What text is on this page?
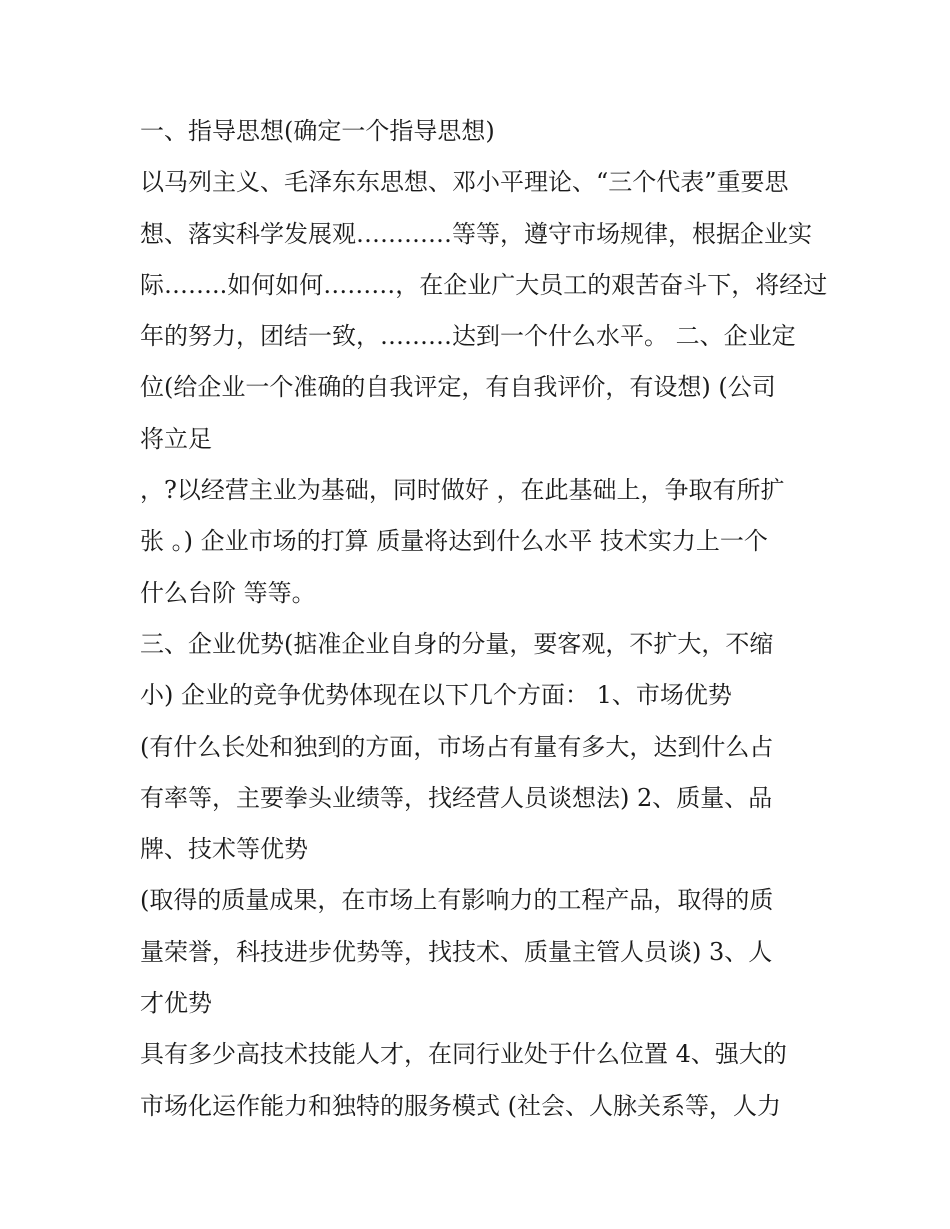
一、指导思想(确定一个指导思想)
以马列主义、毛泽东东思想、邓小平理论、“三个代表”重要思
想、落实科学发展观…………等等，遵守市场规律，根据企业实
际……..如何如何………，在企业广大员工的艰苦奋斗下，将经过
年的努力，团结一致，………达到一个什么水平。 二、企业定
位(给企业一个准确的自我评定，有自我评价，有设想) (公司
将立足
，?以经营主业为基础，同时做好 ，在此基础上，争取有所扩
张 。) 企业市场的打算 质量将达到什么水平 技术实力上一个
什么台阶 等等。
三、企业优势(掂准企业自身的分量，要客观，不扩大，不缩
小) 企业的竞争优势体现在以下几个方面： 1、市场优势
(有什么长处和独到的方面，市场占有量有多大，达到什么占
有率等，主要拳头业绩等，找经营人员谈想法) 2、质量、品
牌、技术等优势
(取得的质量成果，在市场上有影响力的工程产品，取得的质
量荣誉，科技进步优势等，找技术、质量主管人员谈) 3、人
才优势
具有多少高技术技能人才，在同行业处于什么位置 4、强大的
市场化运作能力和独特的服务模式 (社会、人脉关系等，人力
